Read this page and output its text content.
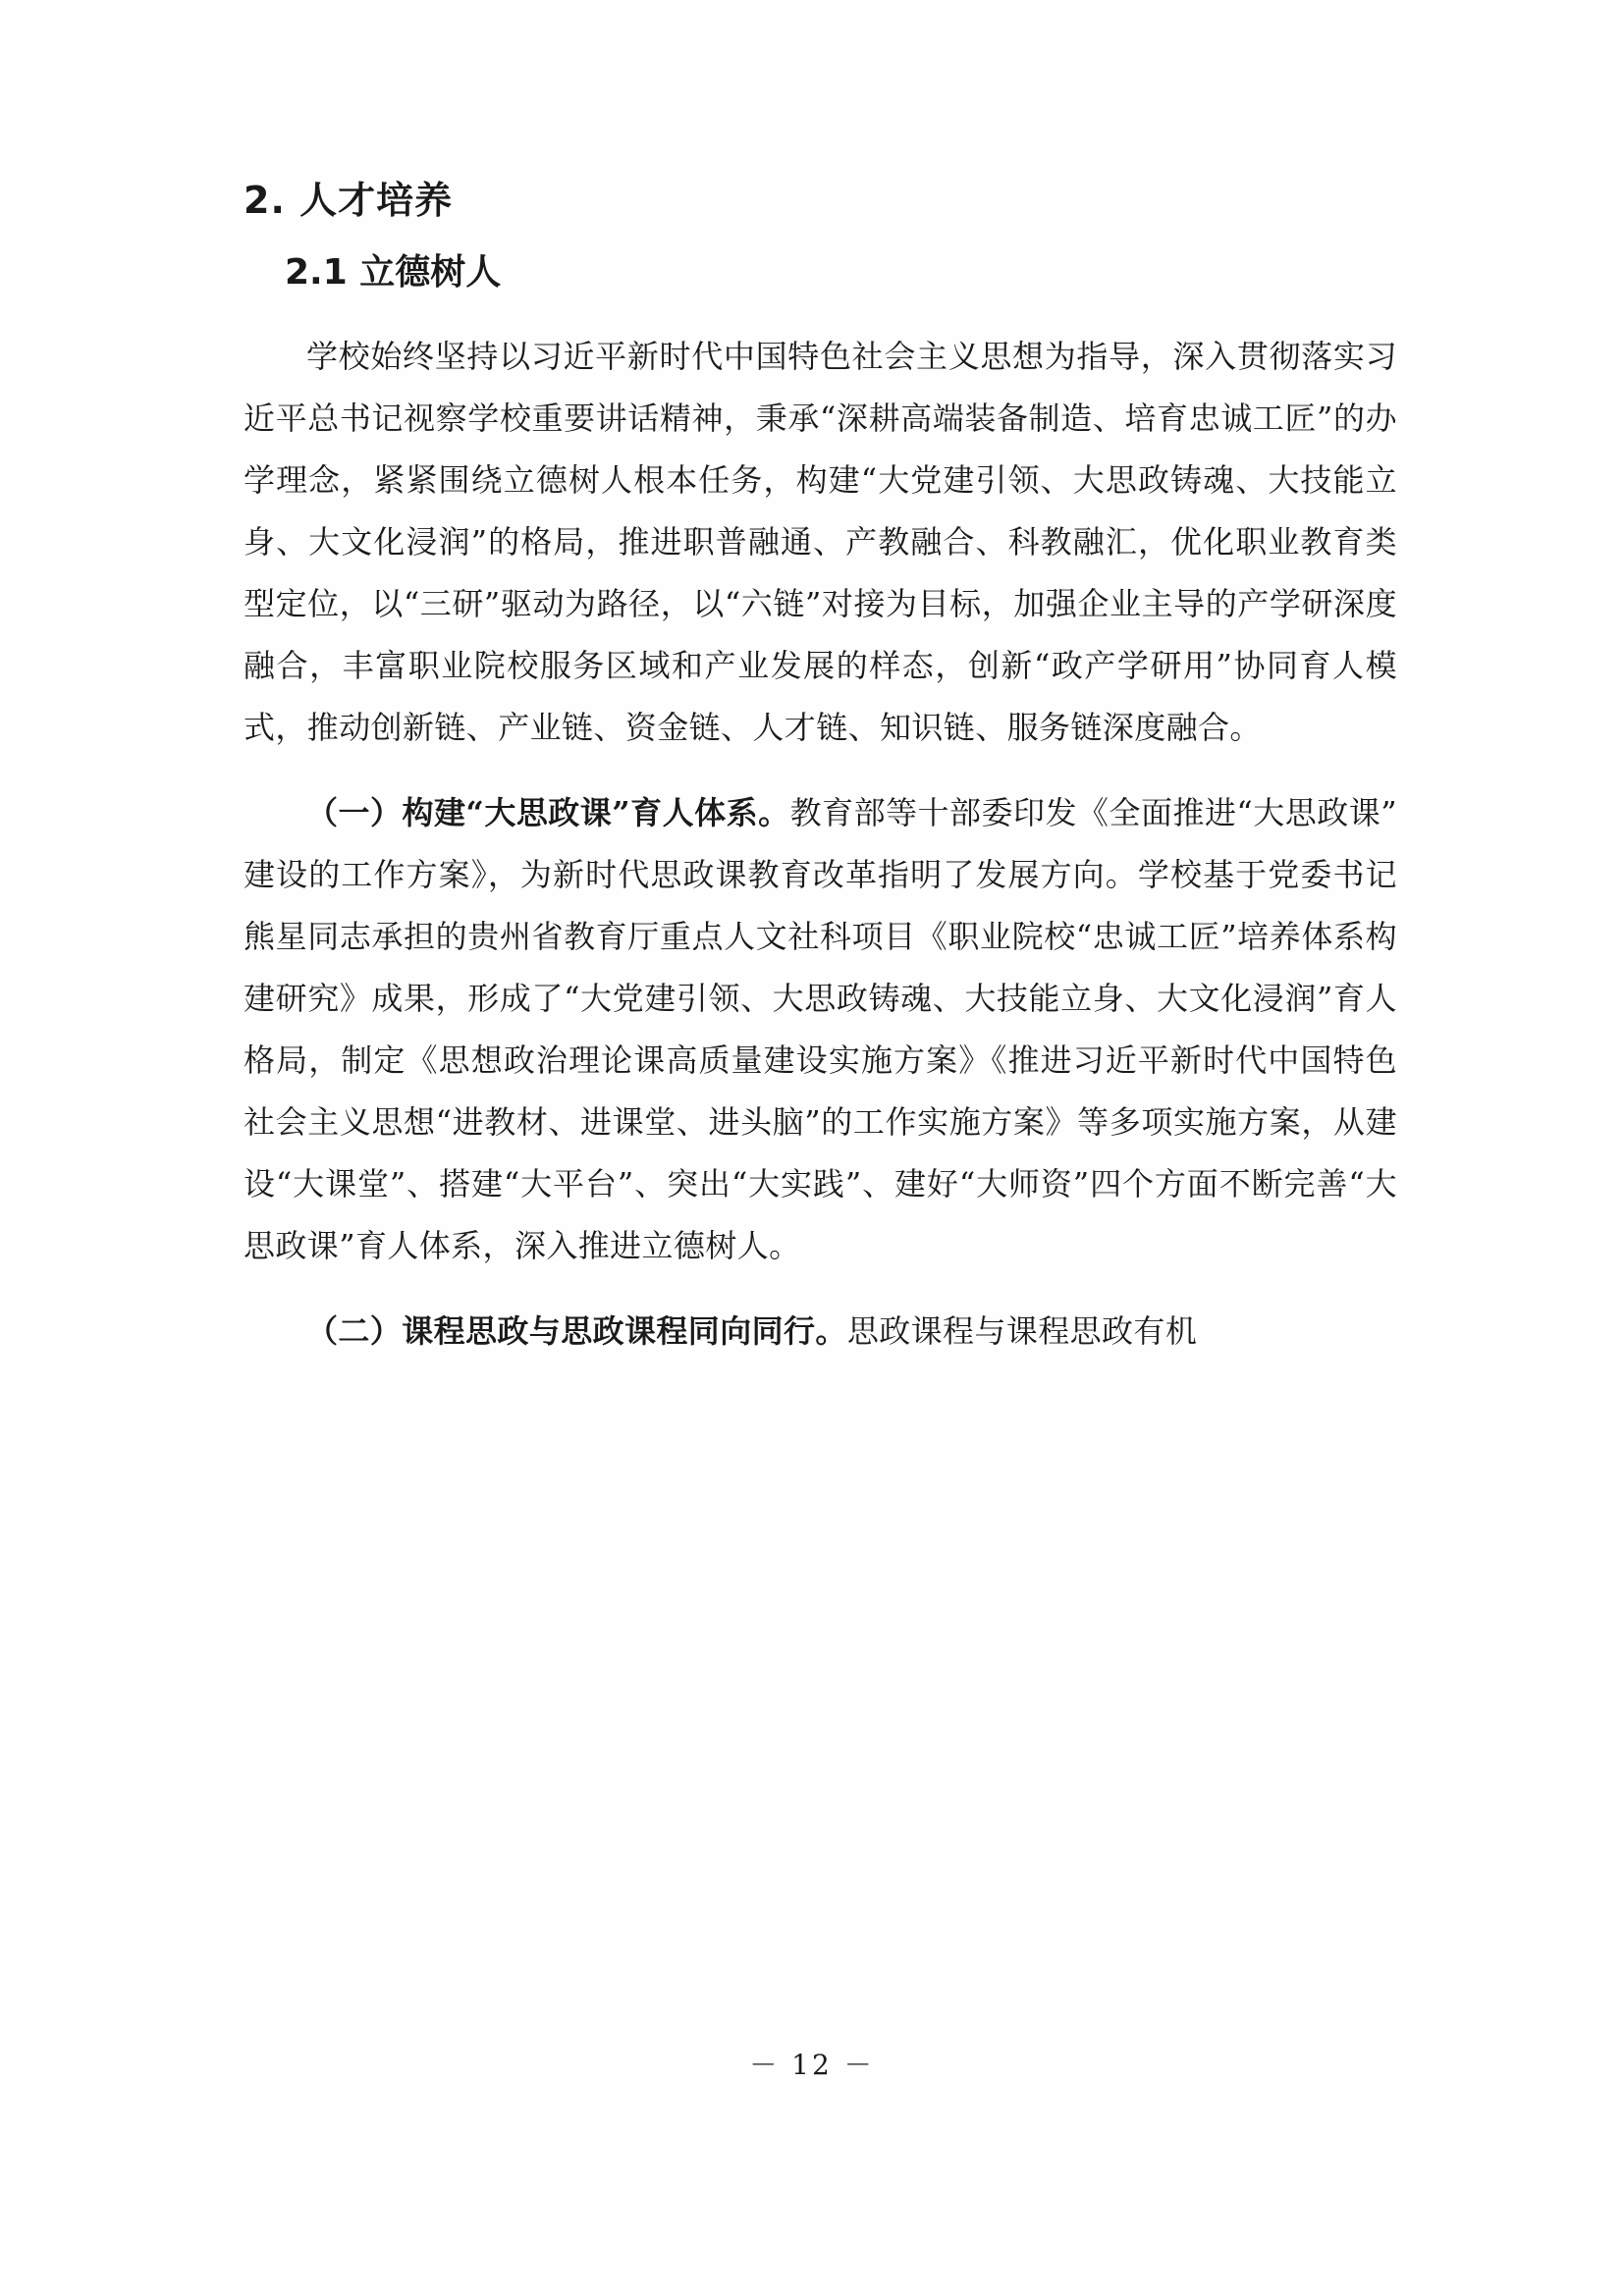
2. 人才培养
2.1 立德树人

学校始终坚持以习近平新时代中国特色社会主义思想为指导，深入贯彻落实习近平总书记视察学校重要讲话精神，秉承“深耕高端装备制造、培育忠诚工匠”的办学理念，紧紧围绕立德树人根本任务，构建“大党建引领、大思政铸魂、大技能立身、大文化浸润”的格局，推进职普融通、产教融合、科教融汇，优化职业教育类型定位，以“三研”驱动为路径，以“六链”对接为目标，加强企业主导的产学研深度融合，丰富职业院校服务区域和产业发展的样态，创新“政产学研用”协同育人模式，推动创新链、产业链、资金链、人才链、知识链、服务链深度融合。

（一）构建“大思政课”育人体系。教育部等十部委印发《全面推进“大思政课”建设的工作方案》，为新时代思政课教育改革指明了发展方向。学校基于党委书记熊星同志承担的贵州省教育厅重点人文社科项目《职业院校“忠诚工匠”培养体系构建研究》成果，形成了“大党建引领、大思政铸魂、大技能立身、大文化浸润”育人格局，制定《思想政治理论课高质量建设实施方案》《推进习近平新时代中国特色社会主义思想“进教材、进课堂、进头脑”的工作实施方案》等多项实施方案，从建设“大课堂”、搭建“大平台”、突出“大实践”、建好“大师资”四个方面不断完善“大思政课”育人体系，深入推进立德树人。

（二）课程思政与思政课程同向同行。思政课程与课程思政有机

－ 12 －
